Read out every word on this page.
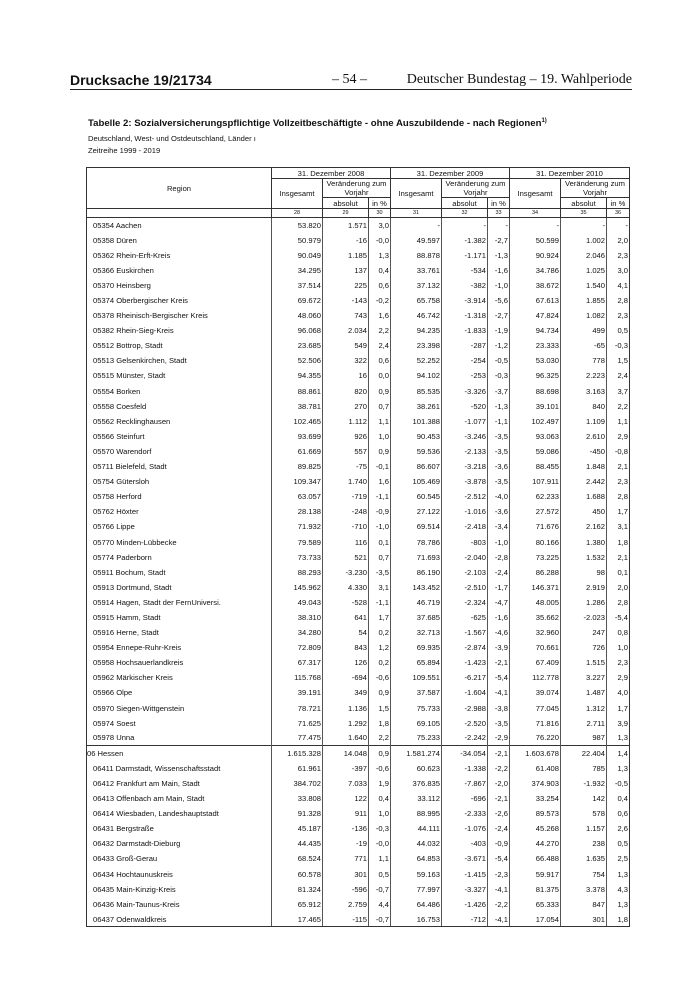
Drucksache 19/21734	– 54 –	Deutscher Bundestag – 19. Wahlperiode
Tabelle 2: Sozialversicherungspflichtige Vollzeitbeschäftigte - ohne Auszubildende - nach Regionen$^{1)}$
Deutschland, West- und Ostdeutschland, Länder ı
Zeitreihe 1999 - 2019
Region	31. Dezember 2008			31. Dezember 2009			31. Dezember 2010		
	Insgesamt	Veränderung zum Vorjahr		Insgesamt	Veränderung zum Vorjahr		Insgesamt	Veränderung zum Vorjahr	
		absolut	in %		absolut	in %		absolut	in %
	28	29	30	31	32	33	34	35	36
05354 Aachen	53.820	1.571	3,0	-	-	-	-	-	-
05358 Düren	50.979	-16	-0,0	49.597	-1.382	-2,7	50.599	1.002	2,0
05362 Rhein-Erft-Kreis	90.049	1.185	1,3	88.878	-1.171	-1,3	90.924	2.046	2,3
05366 Euskirchen	34.295	137	0,4	33.761	-534	-1,6	34.786	1.025	3,0
05370 Heinsberg	37.514	225	0,6	37.132	-382	-1,0	38.672	1.540	4,1
05374 Oberbergischer Kreis	69.672	-143	-0,2	65.758	-3.914	-5,6	67.613	1.855	2,8
05378 Rheinisch-Bergischer Kreis	48.060	743	1,6	46.742	-1.318	-2,7	47.824	1.082	2,3
05382 Rhein-Sieg-Kreis	96.068	2.034	2,2	94.235	-1.833	-1,9	94.734	499	0,5
05512 Bottrop, Stadt	23.685	549	2,4	23.398	-287	-1,2	23.333	-65	-0,3
05513 Gelsenkirchen, Stadt	52.506	322	0,6	52.252	-254	-0,5	53.030	778	1,5
05515 Münster, Stadt	94.355	16	0,0	94.102	-253	-0,3	96.325	2.223	2,4
05554 Borken	88.861	820	0,9	85.535	-3.326	-3,7	88.698	3.163	3,7
05558 Coesfeld	38.781	270	0,7	38.261	-520	-1,3	39.101	840	2,2
05562 Recklinghausen	102.465	1.112	1,1	101.388	-1.077	-1,1	102.497	1.109	1,1
05566 Steinfurt	93.699	926	1,0	90.453	-3.246	-3,5	93.063	2.610	2,9
05570 Warendorf	61.669	557	0,9	59.536	-2.133	-3,5	59.086	-450	-0,8
05711 Bielefeld, Stadt	89.825	-75	-0,1	86.607	-3.218	-3,6	88.455	1.848	2,1
05754 Gütersloh	109.347	1.740	1,6	105.469	-3.878	-3,5	107.911	2.442	2,3
05758 Herford	63.057	-719	-1,1	60.545	-2.512	-4,0	62.233	1.688	2,8
05762 Höxter	28.138	-248	-0,9	27.122	-1.016	-3,6	27.572	450	1,7
05766 Lippe	71.932	-710	-1,0	69.514	-2.418	-3,4	71.676	2.162	3,1
05770 Minden-Lübbecke	79.589	116	0,1	78.786	-803	-1,0	80.166	1.380	1,8
05774 Paderborn	73.733	521	0,7	71.693	-2.040	-2,8	73.225	1.532	2,1
05911 Bochum, Stadt	88.293	-3.230	-3,5	86.190	-2.103	-2,4	86.288	98	0,1
05913 Dortmund, Stadt	145.962	4.330	3,1	143.452	-2.510	-1,7	146.371	2.919	2,0
05914 Hagen, Stadt der FernUniversi.	49.043	-528	-1,1	46.719	-2.324	-4,7	48.005	1.286	2,8
05915 Hamm, Stadt	38.310	641	1,7	37.685	-625	-1,6	35.662	-2.023	-5,4
05916 Herne, Stadt	34.280	54	0,2	32.713	-1.567	-4,6	32.960	247	0,8
05954 Ennepe-Ruhr-Kreis	72.809	843	1,2	69.935	-2.874	-3,9	70.661	726	1,0
05958 Hochsauerlandkreis	67.317	126	0,2	65.894	-1.423	-2,1	67.409	1.515	2,3
05962 Märkischer Kreis	115.768	-694	-0,6	109.551	-6.217	-5,4	112.778	3.227	2,9
05966 Olpe	39.191	349	0,9	37.587	-1.604	-4,1	39.074	1.487	4,0
05970 Siegen-Wittgenstein	78.721	1.136	1,5	75.733	-2.988	-3,8	77.045	1.312	1,7
05974 Soest	71.625	1.292	1,8	69.105	-2.520	-3,5	71.816	2.711	3,9
05978 Unna	77.475	1.640	2,2	75.233	-2.242	-2,9	76.220	987	1,3
06 Hessen	1.615.328	14.048	0,9	1.581.274	-34.054	-2,1	1.603.678	22.404	1,4
06411 Darmstadt, Wissenschaftsstadt	61.961	-397	-0,6	60.623	-1.338	-2,2	61.408	785	1,3
06412 Frankfurt am Main, Stadt	384.702	7.033	1,9	376.835	-7.867	-2,0	374.903	-1.932	-0,5
06413 Offenbach am Main, Stadt	33.808	122	0,4	33.112	-696	-2,1	33.254	142	0,4
06414 Wiesbaden, Landeshauptstadt	91.328	911	1,0	88.995	-2.333	-2,6	89.573	578	0,6
06431 Bergstraße	45.187	-136	-0,3	44.111	-1.076	-2,4	45.268	1.157	2,6
06432 Darmstadt-Dieburg	44.435	-19	-0,0	44.032	-403	-0,9	44.270	238	0,5
06433 Groß-Gerau	68.524	771	1,1	64.853	-3.671	-5,4	66.488	1.635	2,5
06434 Hochtaunuskreis	60.578	301	0,5	59.163	-1.415	-2,3	59.917	754	1,3
06435 Main-Kinzig-Kreis	81.324	-596	-0,7	77.997	-3.327	-4,1	81.375	3.378	4,3
06436 Main-Taunus-Kreis	65.912	2.759	4,4	64.486	-1.426	-2,2	65.333	847	1,3
06437 Odenwaldkreis	17.465	-115	-0,7	16.753	-712	-4,1	17.054	301	1,8
